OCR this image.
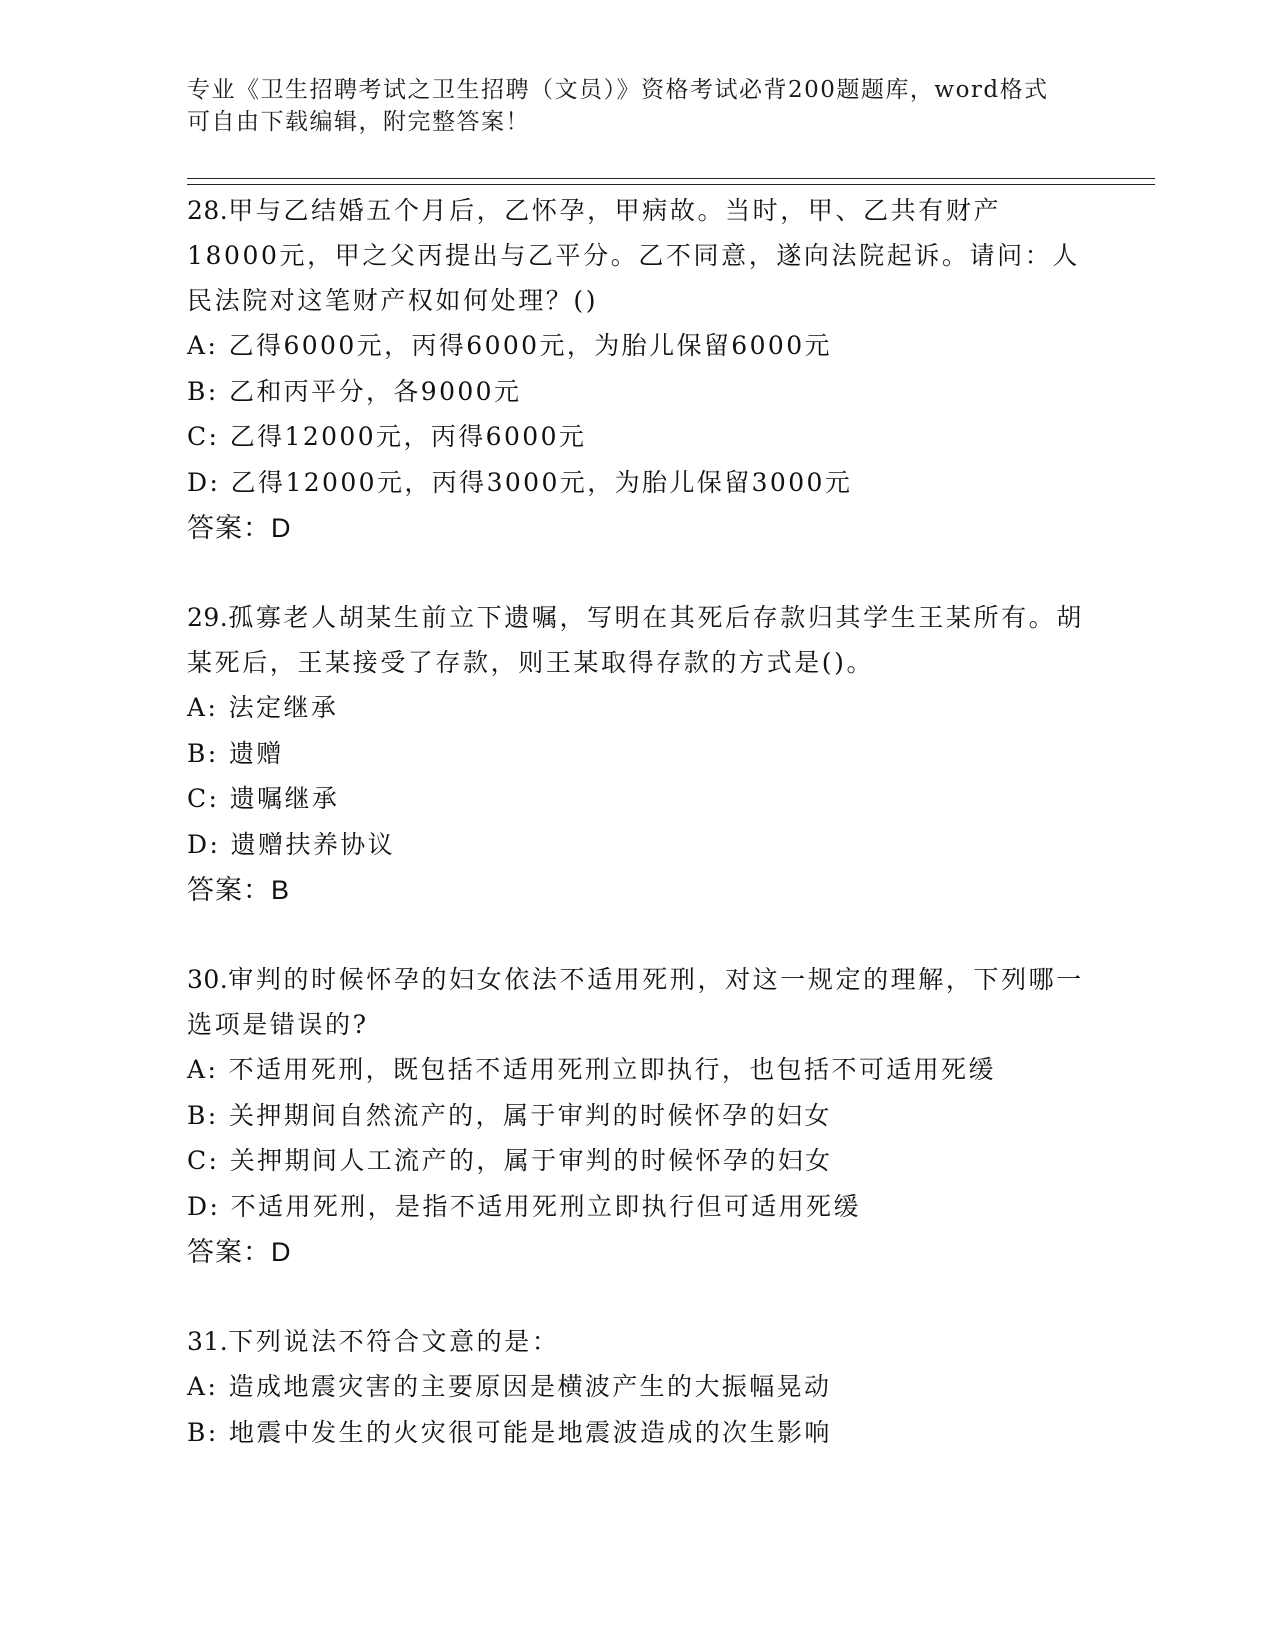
专业《卫生招聘考试之卫生招聘（文员）》资格考试必背200题题库，word格式
可自由下载编辑，附完整答案！

28.甲与乙结婚五个月后，乙怀孕，甲病故。当时，甲、乙共有财产18000元，甲之父丙提出与乙平分。乙不同意，遂向法院起诉。请问：人民法院对这笔财产权如何处理？()

A: 乙得6000元，丙得6000元，为胎儿保留6000元

B: 乙和丙平分，各9000元

C: 乙得12000元，丙得6000元

D: 乙得12000元，丙得3000元，为胎儿保留3000元

答案：D

29.孤寡老人胡某生前立下遗嘱，写明在其死后存款归其学生王某所有。胡某死后，王某接受了存款，则王某取得存款的方式是()。

A: 法定继承

B: 遗赠

C: 遗嘱继承

D: 遗赠扶养协议

答案：B

30.审判的时候怀孕的妇女依法不适用死刑，对这一规定的理解，下列哪一选项是错误的?

A: 不适用死刑，既包括不适用死刑立即执行，也包括不可适用死缓

B: 关押期间自然流产的，属于审判的时候怀孕的妇女

C: 关押期间人工流产的，属于审判的时候怀孕的妇女

D: 不适用死刑，是指不适用死刑立即执行但可适用死缓

答案：D

31.下列说法不符合文意的是：

A: 造成地震灾害的主要原因是横波产生的大振幅晃动

B: 地震中发生的火灾很可能是地震波造成的次生影响
